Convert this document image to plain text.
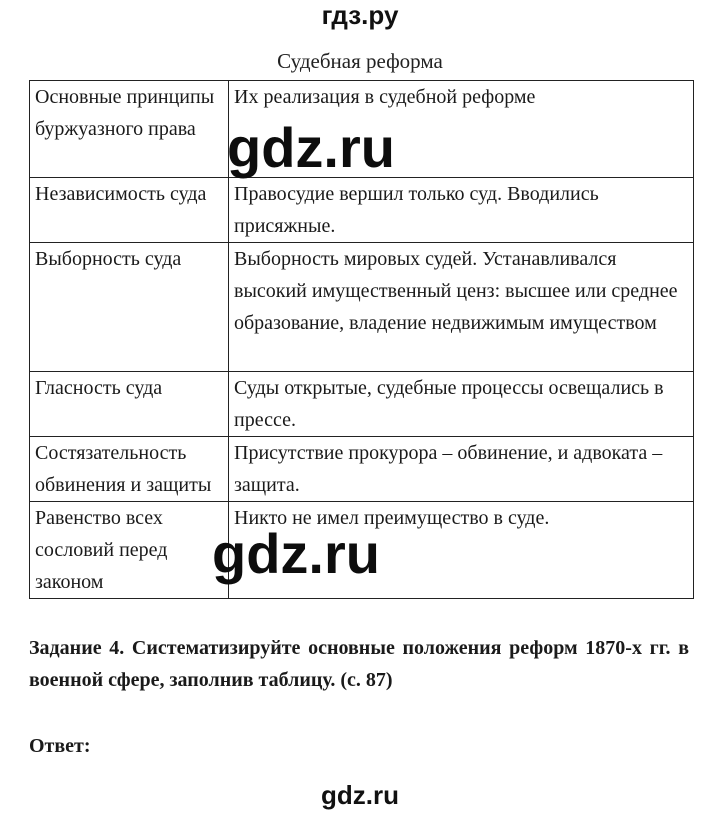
гдз.ру
Судебная реформа
Основные принципы буржуазного права	Их реализация в судебной реформе
Независимость суда	Правосудие вершил только суд. Вводились присяжные.
Выборность суда	Выборность мировых судей. Устанавливался высокий имущественный ценз: высшее или среднее образование, владение недвижимым имуществом
Гласность суда	Суды открытые, судебные процессы освещались в прессе.
Состязательность обвинения и защиты	Присутствие прокурора – обвинение, и адвоката – защита.
Равенство всех сословий перед законом	Никто не имел преимущество в суде.
gdz.ru
gdz.ru
Задание 4. Систематизируйте основные положения реформ 1870-х гг. в военной сфере, заполнив таблицу. (с. 87)
Ответ:
gdz.ru
